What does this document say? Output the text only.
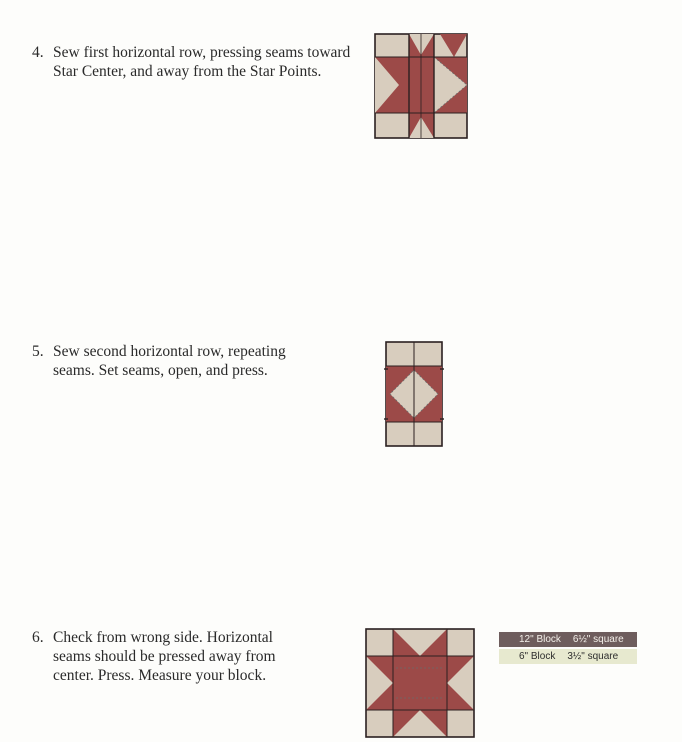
4. Sew first horizontal row, pressing seams toward
Star Center, and away from the Star Points.
5. Sew second horizontal row, repeating
seams. Set seams, open, and press.
6. Check from wrong side. Horizontal
seams should be pressed away from
center. Press. Measure your block.
12" Block 6½" square
6" Block 3½" square
